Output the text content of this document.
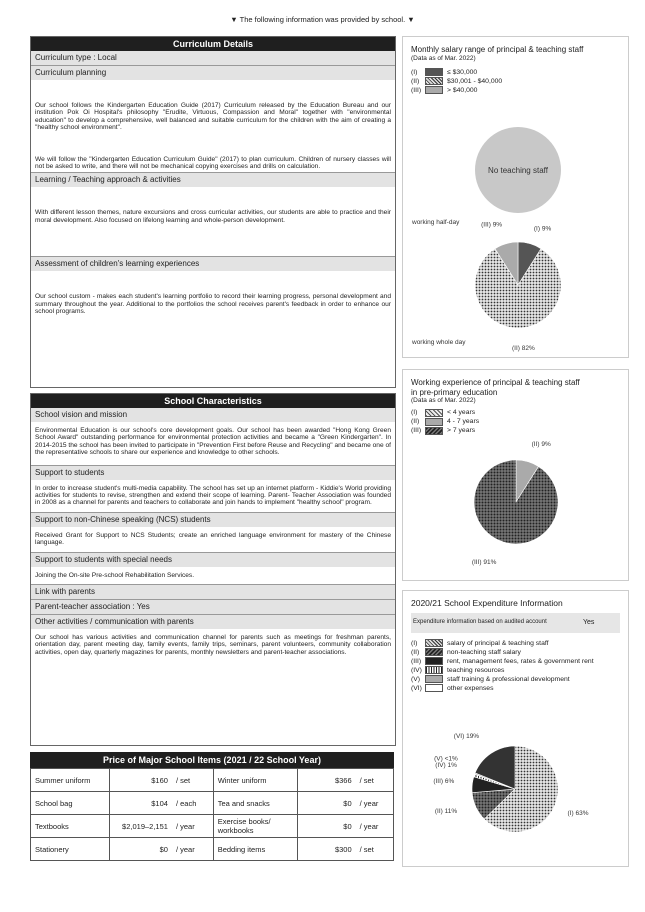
▼ The following information was provided by school. ▼
Curriculum Details
Curriculum type : Local
Curriculum planning
Our school follows the Kindergarten Education Guide (2017) Curriculum released by the Education Bureau and our institution Pok Oi Hospital's philosophy "Erudite, Virtuous, Compassion and Moral" together with "environmental education" to develop a comprehensive, well balanced and suitable curriculum for the children with the aim of creating a "healthy school environment".
We will follow the "Kindergarten Education Curriculum Guide" (2017) to plan curriculum. Children of nursery classes will not be asked to write, and there will not be mechanical copying exercises and drills on calculation.
Learning / Teaching approach & activities
With different lesson themes, nature excursions and cross curricular activities, our students are able to practice and their moral development. Also focused on lifelong learning and whole-person development.
Assessment of children's learning experiences
Our school custom - makes each student's learning portfolio to record their learning progress, personal development and summary throughout the year. Additional to the portfolios the school receives parent's feedback in order to enhance our school programs.
School Characteristics
School vision and mission
Environmental Education is our school's core development goals. Our school has been awarded "Hong Kong Green School Award" outstanding performance for environmental protection activities and became a "Green Kindergarten". In 2014-2015 the school has been invited to participate in "Prevention First before Reuse and Recycling" and became one of the representative schools to share our experience and knowledge to other schools.
Support to students
In order to increase student's multi-media capability. The school has set up an internet platform - Kiddie's World providing activities for students to revise, strengthen and extend their scope of learning. Parent- Teacher Association was founded in 2008 as a channel for parents and teachers to collaborate and join hands to implement "healthy school" program.
Support to non-Chinese speaking (NCS) students
Received Grant for Support to NCS Students; create an enriched language environment for mastery of the Chinese language.
Support to students with special needs
Joining the On-site Pre-school Rehabilitation Services.
Link with parents
Parent-teacher association : Yes
Other activities / communication with parents
Our school has various activities and communication channel for parents such as meetings for freshman parents, orientation day, parent meeting day, family events, family trips, seminars, parent volunteers, community collaboration activities, open day, quarterly magazines for parents, monthly newsletters and parent-teacher associations.
Price of Major School Items (2021 / 22 School Year)
Summer uniform	$160	/ set	Winter uniform	$366	/ set
School bag	$104	/ each	Tea and snacks	$0	/ year
Textbooks	$2,019–2,151	/ year	Exercise books/ workbooks	$0	/ year
Stationery	$0	/ year	Bedding items	$300	/ set
Monthly salary range of principal & teaching staff
(Data as of Mar. 2022)
(I)	≤ $30,000
(II)	$30,001 - $40,000
(III)	> $40,000
No teaching staff
working half-day
(I) 9%
(II) 82%
(III) 9%
working whole day
Working experience of principal & teaching staff
in pre-primary education
(Data as of Mar. 2022)
(I)	< 4 years
(II)	4 - 7 years
(III)	> 7 years
(II) 9%
(III) 91%
2020/21 School Expenditure Information
Expenditure information based on audited account	Yes
(I)	salary of principal & teaching staff
(II)	non-teaching staff salary
(III)	rent, management fees, rates & government rent
(IV)	teaching resources
(V)	staff training & professional development
(VI)	other expenses
(I) 63%
(II) 11%
(III) 6%
(IV) 1%
(V) <1%
(VI) 19%
